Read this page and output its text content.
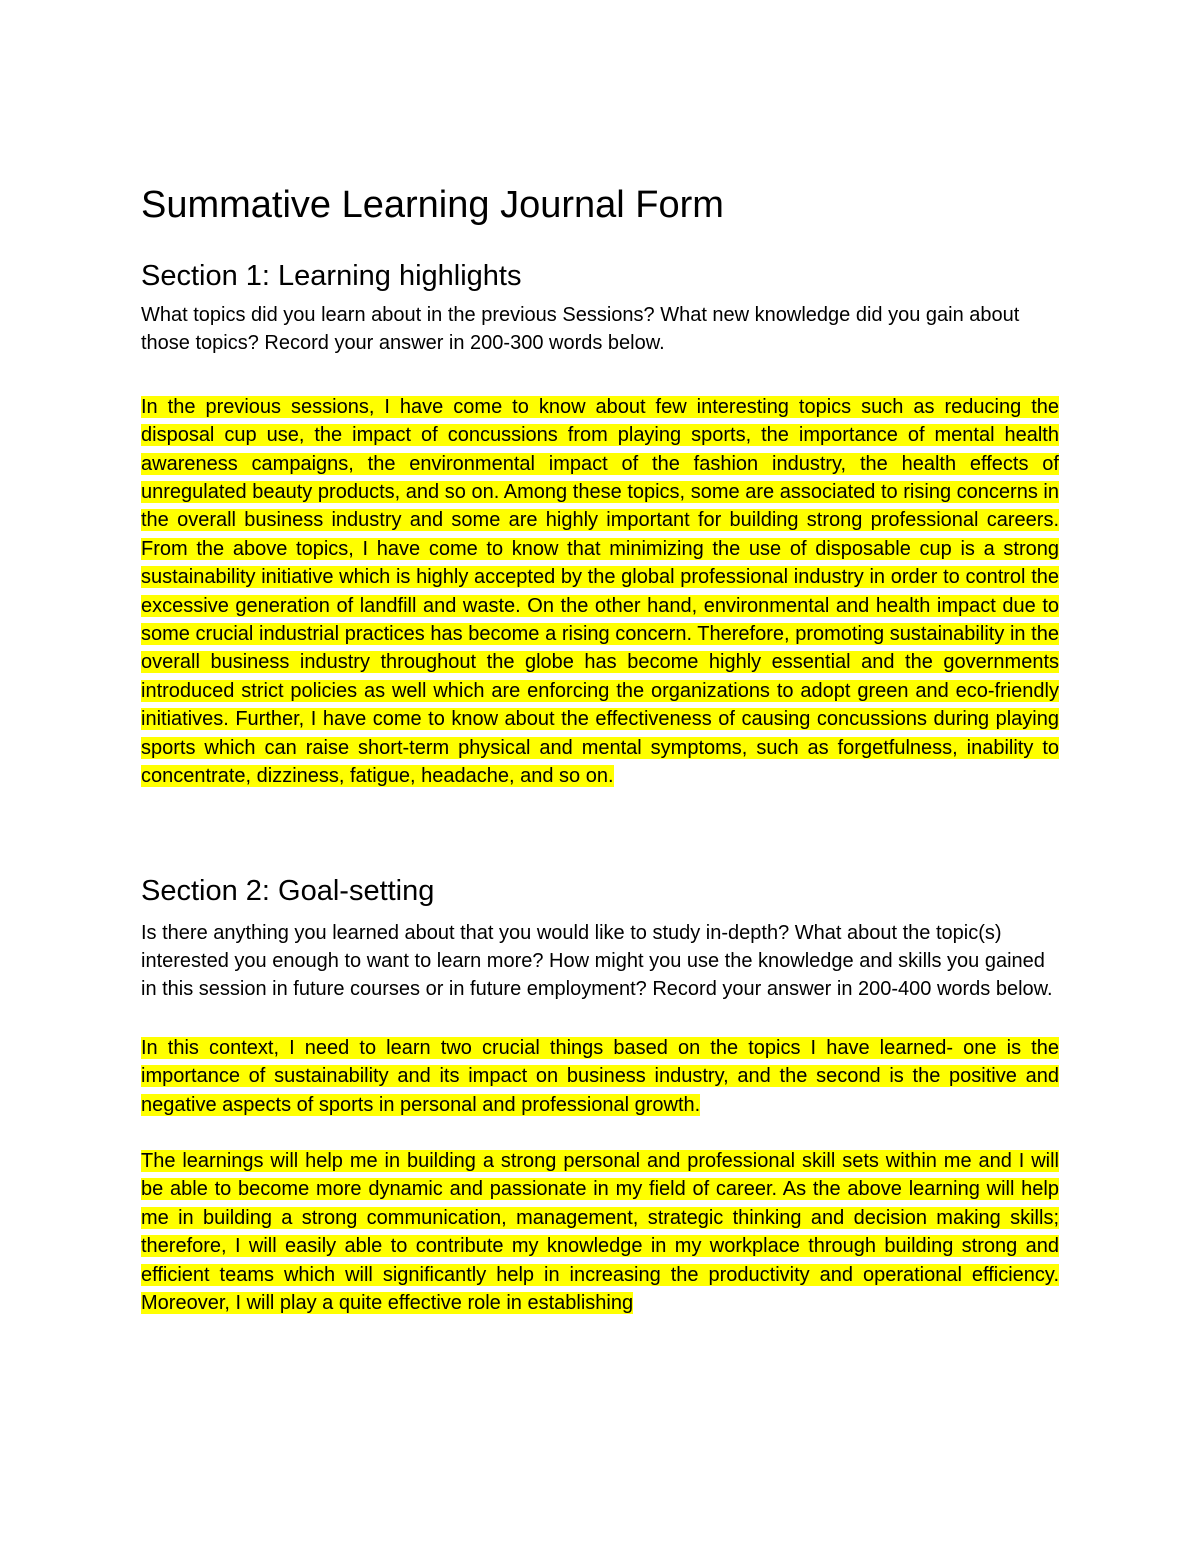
Summative Learning Journal Form
Section 1: Learning highlights

What topics did you learn about in the previous Sessions? What new knowledge did you gain about those topics? Record your answer in 200-300 words below.

In the previous sessions, I have come to know about few interesting topics such as reducing the disposal cup use, the impact of concussions from playing sports, the importance of mental health awareness campaigns, the environmental impact of the fashion industry, the health effects of unregulated beauty products, and so on. Among these topics, some are associated to rising concerns in the overall business industry and some are highly important for building strong professional careers. From the above topics, I have come to know that minimizing the use of disposable cup is a strong sustainability initiative which is highly accepted by the global professional industry in order to control the excessive generation of landfill and waste. On the other hand, environmental and health impact due to some crucial industrial practices has become a rising concern. Therefore, promoting sustainability in the overall business industry throughout the globe has become highly essential and the governments introduced strict policies as well which are enforcing the organizations to adopt green and eco-friendly initiatives. Further, I have come to know about the effectiveness of causing concussions during playing sports which can raise short-term physical and mental symptoms, such as forgetfulness, inability to concentrate, dizziness, fatigue, headache, and so on.

Section 2: Goal-setting

Is there anything you learned about that you would like to study in-depth? What about the topic(s) interested you enough to want to learn more? How might you use the knowledge and skills you gained in this session in future courses or in future employment? Record your answer in 200-400 words below.

In this context, I need to learn two crucial things based on the topics I have learned- one is the importance of sustainability and its impact on business industry, and the second is the positive and negative aspects of sports in personal and professional growth.

The learnings will help me in building a strong personal and professional skill sets within me and I will be able to become more dynamic and passionate in my field of career. As the above learning will help me in building a strong communication, management, strategic thinking and decision making skills; therefore, I will easily able to contribute my knowledge in my workplace through building strong and efficient teams which will significantly help in increasing the productivity and operational efficiency. Moreover, I will play a quite effective role in establishing
